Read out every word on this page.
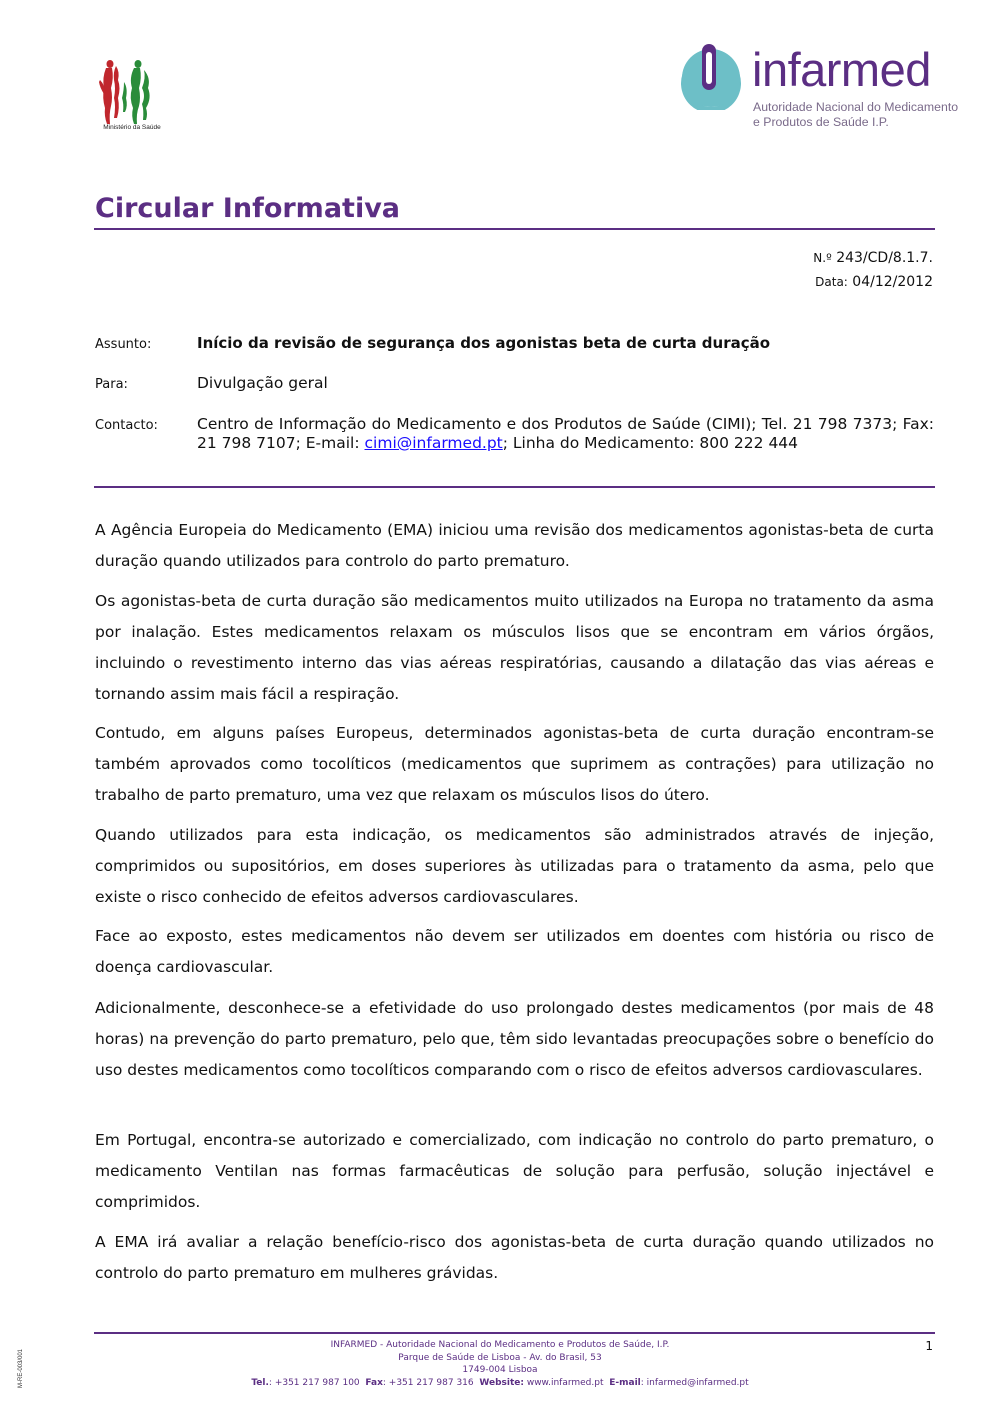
Ministério da Saúde
infarmed
Autoridade Nacional do Medicamento
e Produtos de Saúde I.P.
Circular Informativa
N.º 243/CD/8.1.7.
Data: 04/12/2012
Assunto:	Início da revisão de segurança dos agonistas beta de curta duração
Para:	Divulgação geral
Contacto:	Centro de Informação do Medicamento e dos Produtos de Saúde (CIMI); Tel. 21 798 7373; Fax: 21 798 7107; E-mail: cimi@infarmed.pt; Linha do Medicamento: 800 222 444

A Agência Europeia do Medicamento (EMA) iniciou uma revisão dos medicamentos agonistas-beta de curta duração quando utilizados para controlo do parto prematuro.

Os agonistas-beta de curta duração são medicamentos muito utilizados na Europa no tratamento da asma por inalação. Estes medicamentos relaxam os músculos lisos que se encontram em vários órgãos, incluindo o revestimento interno das vias aéreas respiratórias, causando a dilatação das vias aéreas e tornando assim mais fácil a respiração.

Contudo, em alguns países Europeus, determinados agonistas-beta de curta duração encontram-se também aprovados como tocolíticos (medicamentos que suprimem as contrações) para utilização no trabalho de parto prematuro, uma vez que relaxam os músculos lisos do útero.

Quando utilizados para esta indicação, os medicamentos são administrados através de injeção, comprimidos ou supositórios, em doses superiores às utilizadas para o tratamento da asma, pelo que existe o risco conhecido de efeitos adversos cardiovasculares.

Face ao exposto, estes medicamentos não devem ser utilizados em doentes com história ou risco de doença cardiovascular.

Adicionalmente, desconhece-se a efetividade do uso prolongado destes medicamentos (por mais de 48 horas) na prevenção do parto prematuro, pelo que, têm sido levantadas preocupações sobre o benefício do uso destes medicamentos como tocolíticos comparando com o risco de efeitos adversos cardiovasculares.

Em Portugal, encontra-se autorizado e comercializado, com indicação no controlo do parto prematuro, o medicamento Ventilan nas formas farmacêuticas de solução para perfusão, solução injectável e comprimidos.

A EMA irá avaliar a relação benefício-risco dos agonistas-beta de curta duração quando utilizados no controlo do parto prematuro em mulheres grávidas.

INFARMED - Autoridade Nacional do Medicamento e Produtos de Saúde, I.P.
Parque de Saúde de Lisboa - Av. do Brasil, 53
1749-004 Lisboa
Tel.: +351 217 987 100 Fax: +351 217 987 316 Website: www.infarmed.pt E-mail: infarmed@infarmed.pt
1
M-RE-003/001
